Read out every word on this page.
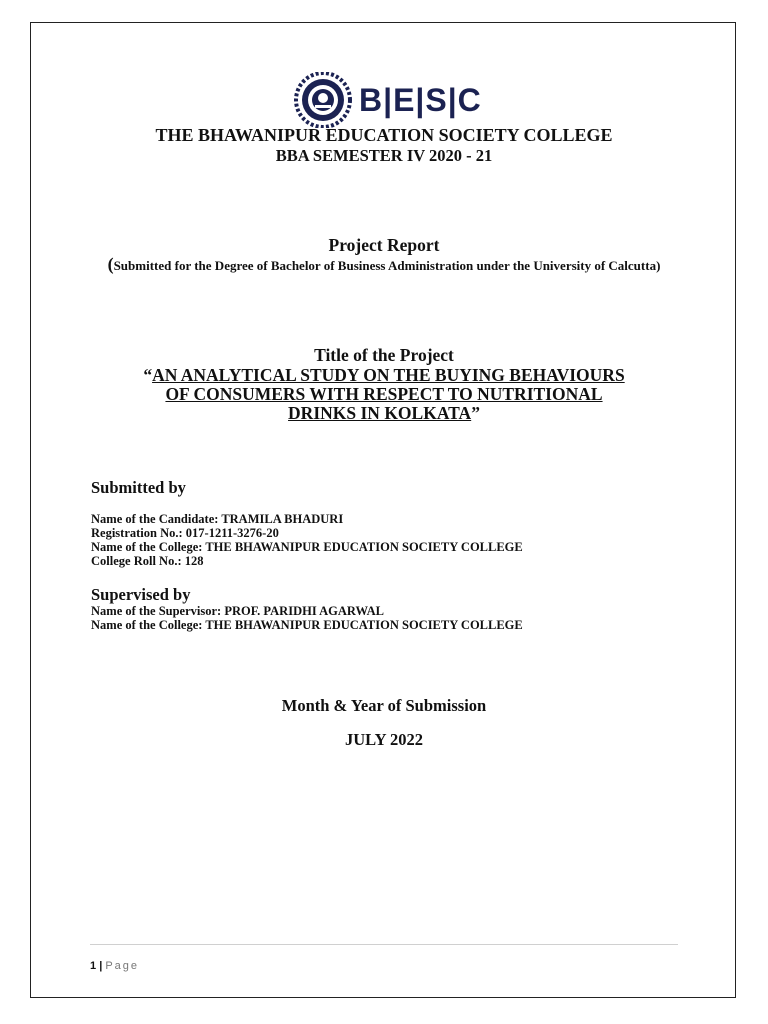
B|E|S|C
THE BHAWANIPUR EDUCATION SOCIETY COLLEGE
BBA SEMESTER IV 2020 - 21
Project Report
(Submitted for the Degree of Bachelor of Business Administration under the University of Calcutta)
Title of the Project
“AN ANALYTICAL STUDY ON THE BUYING BEHAVIOURS
OF CONSUMERS WITH RESPECT TO NUTRITIONAL
DRINKS IN KOLKATA”
Submitted by
Name of the Candidate: TRAMILA BHADURI
Registration No.: 017-1211-3276-20
Name of the College: THE BHAWANIPUR EDUCATION SOCIETY COLLEGE
College Roll No.: 128
Supervised by
Name of the Supervisor: PROF. PARIDHI AGARWAL
Name of the College: THE BHAWANIPUR EDUCATION SOCIETY COLLEGE
Month & Year of Submission
JULY 2022
1 | Page
